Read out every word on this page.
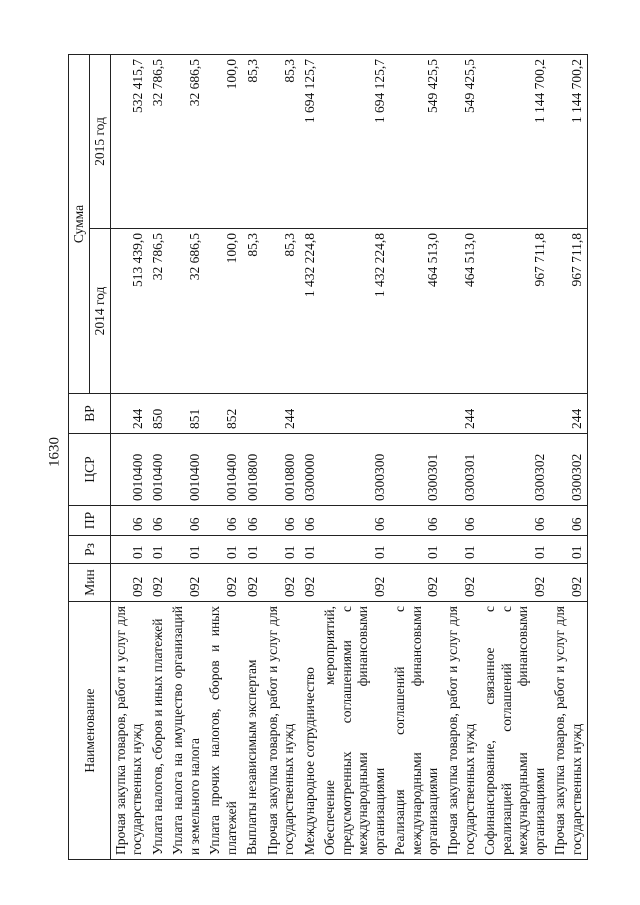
1630
Наименование	Мин	Рз	ПР	ЦСР	ВР	Сумма	
						2014 год	2015 год
Прочая закупка товаров, работ и услуг для государственных нужд	092	01	06	0010400	244	513 439,0	532 415,7
Уплата налогов, сборов и иных платежей	092	01	06	0010400	850	32 786,5	32 786,5
Уплата налога на имущество организаций и земельного налога	092	01	06	0010400	851	32 686,5	32 686,5
Уплата прочих налогов, сборов и иных платежей	092	01	06	0010400	852	100,0	100,0
Выплаты независимым экспертам	092	01	06	0010800		85,3	85,3
Прочая закупка товаров, работ и услуг для государственных нужд	092	01	06	0010800	244	85,3	85,3
Международное сотрудничество	092	01	06	0300000		1 432 224,8	1 694 125,7
Обеспечение мероприятий, предусмотренных соглашениями с международными финансовыми организациями	092	01	06	0300300		1 432 224,8	1 694 125,7
Реализация соглашений с международными финансовыми организациями	092	01	06	0300301		464 513,0	549 425,5
Прочая закупка товаров, работ и услуг для государственных нужд	092	01	06	0300301	244	464 513,0	549 425,5
Софинансирование, связанное с реализацией соглашений с международными финансовыми организациями	092	01	06	0300302		967 711,8	1 144 700,2
Прочая закупка товаров, работ и услуг для государственных нужд	092	01	06	0300302	244	967 711,8	1 144 700,2
